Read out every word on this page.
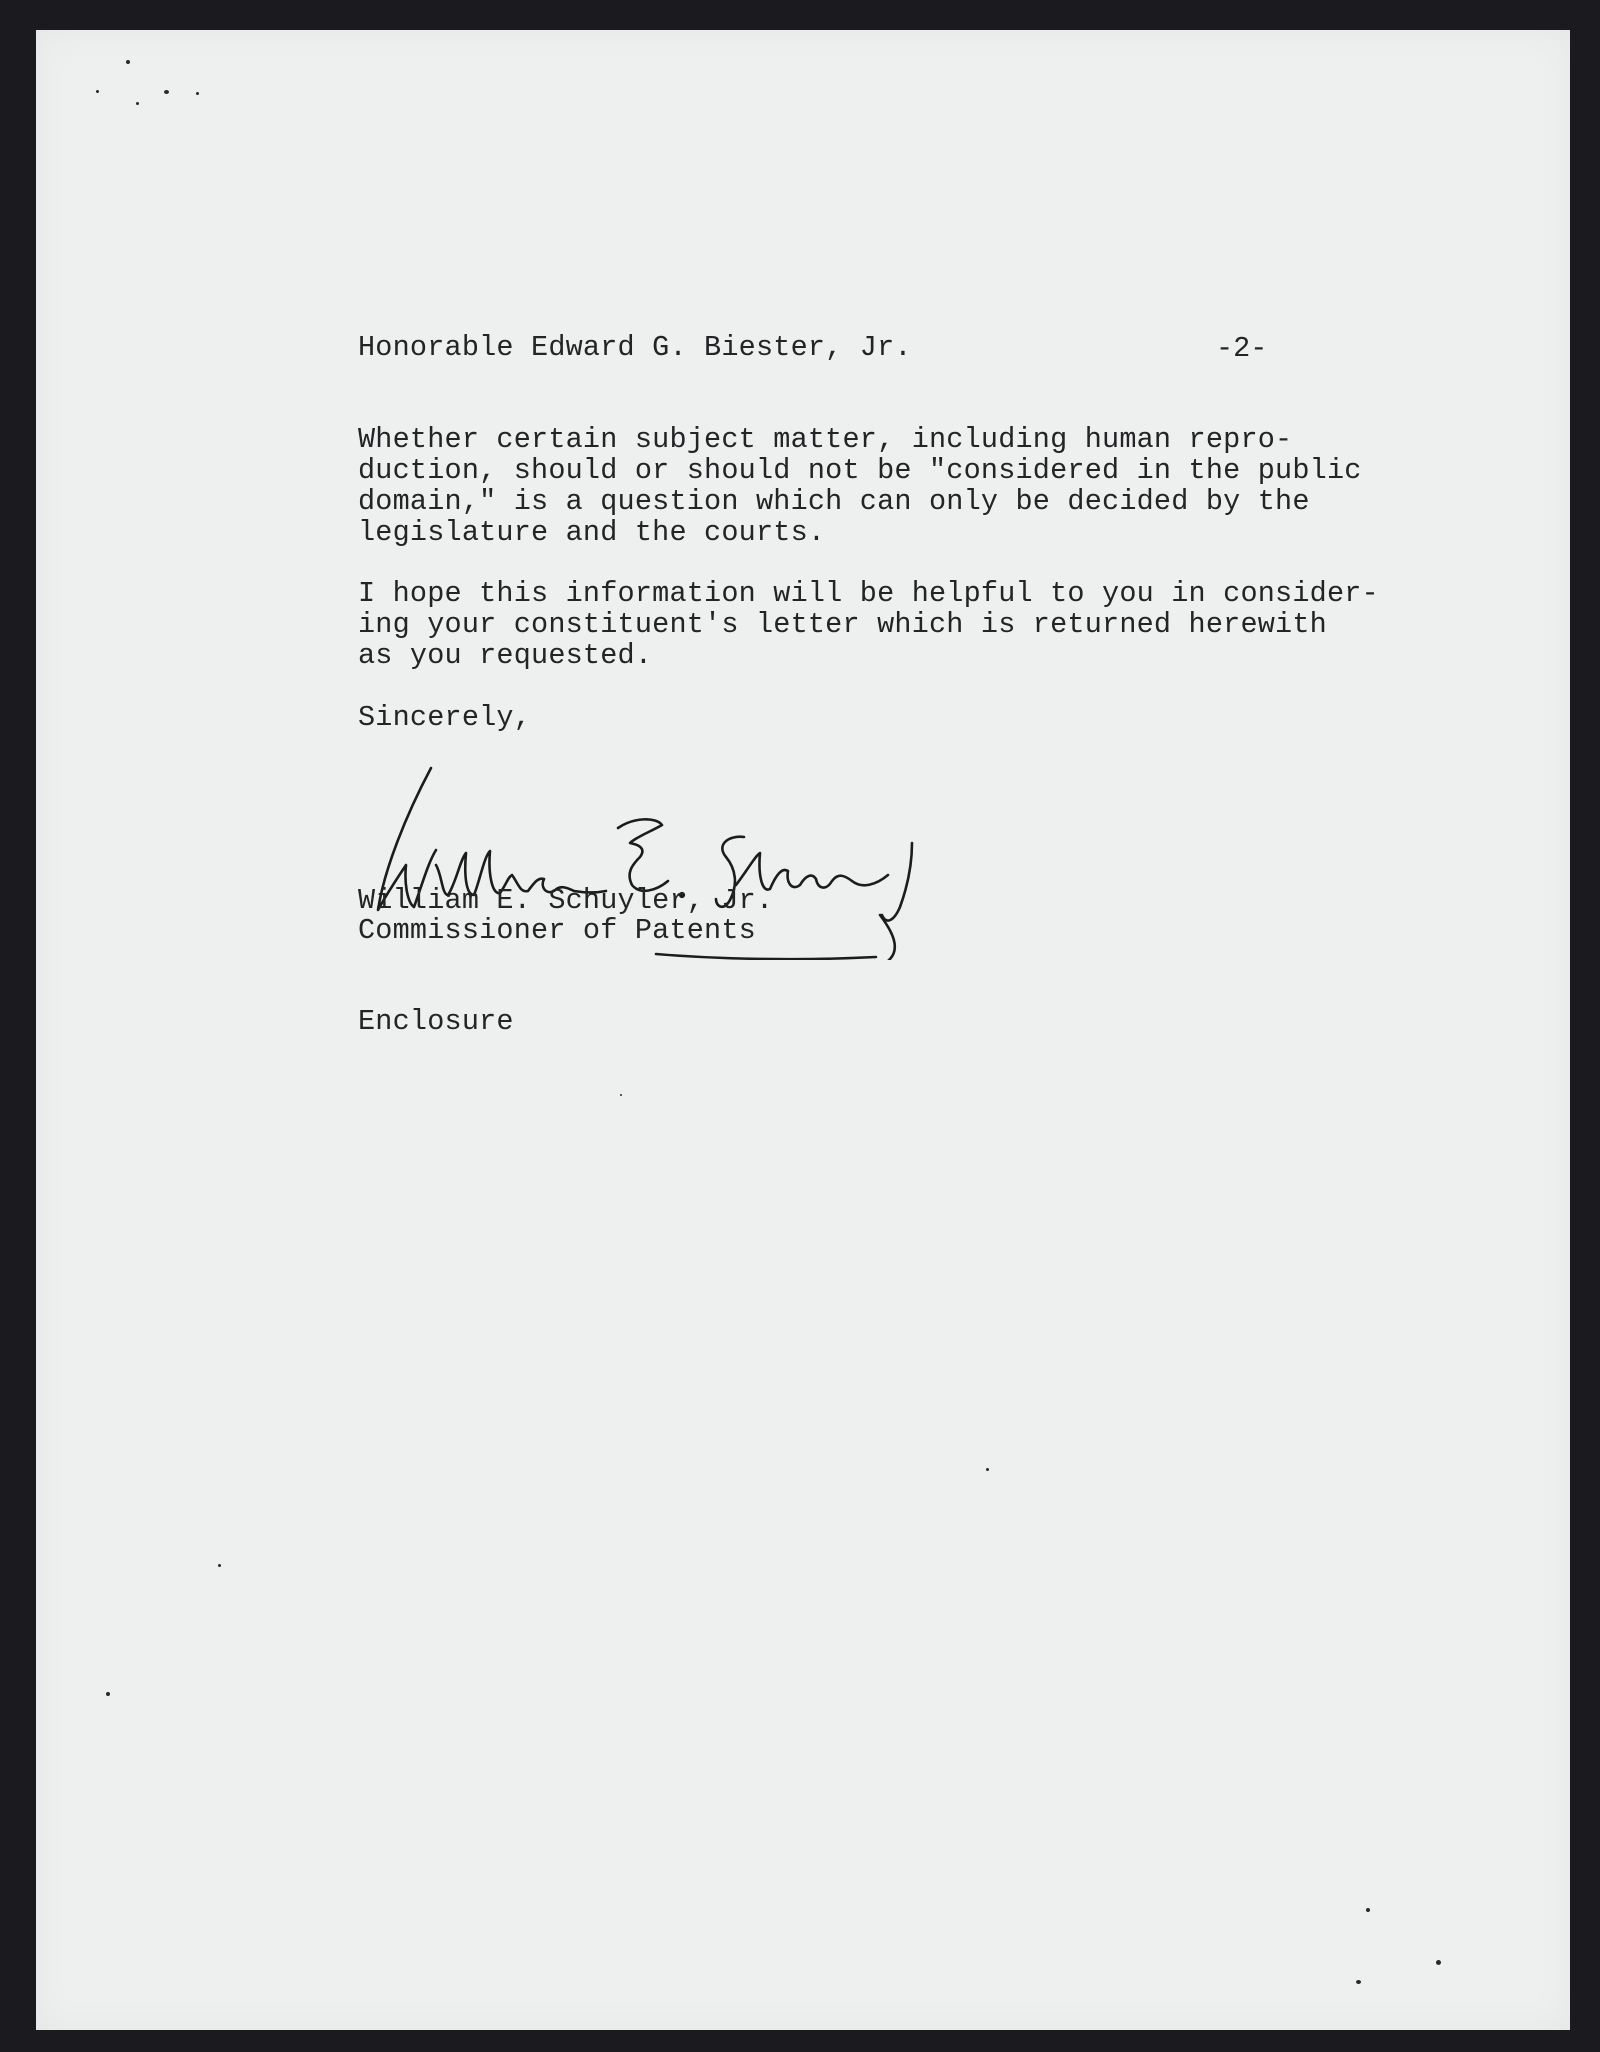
Honorable Edward G. Biester, Jr.	-2-
Whether certain subject matter, including human repro-
duction, should or should not be "considered in the public
domain," is a question which can only be decided by the
legislature and the courts.
I hope this information will be helpful to you in consider-
ing your constituent's letter which is returned herewith
as you requested.
Sincerely,
William E. Schuyler, Jr.
Commissioner of Patents
Enclosure
